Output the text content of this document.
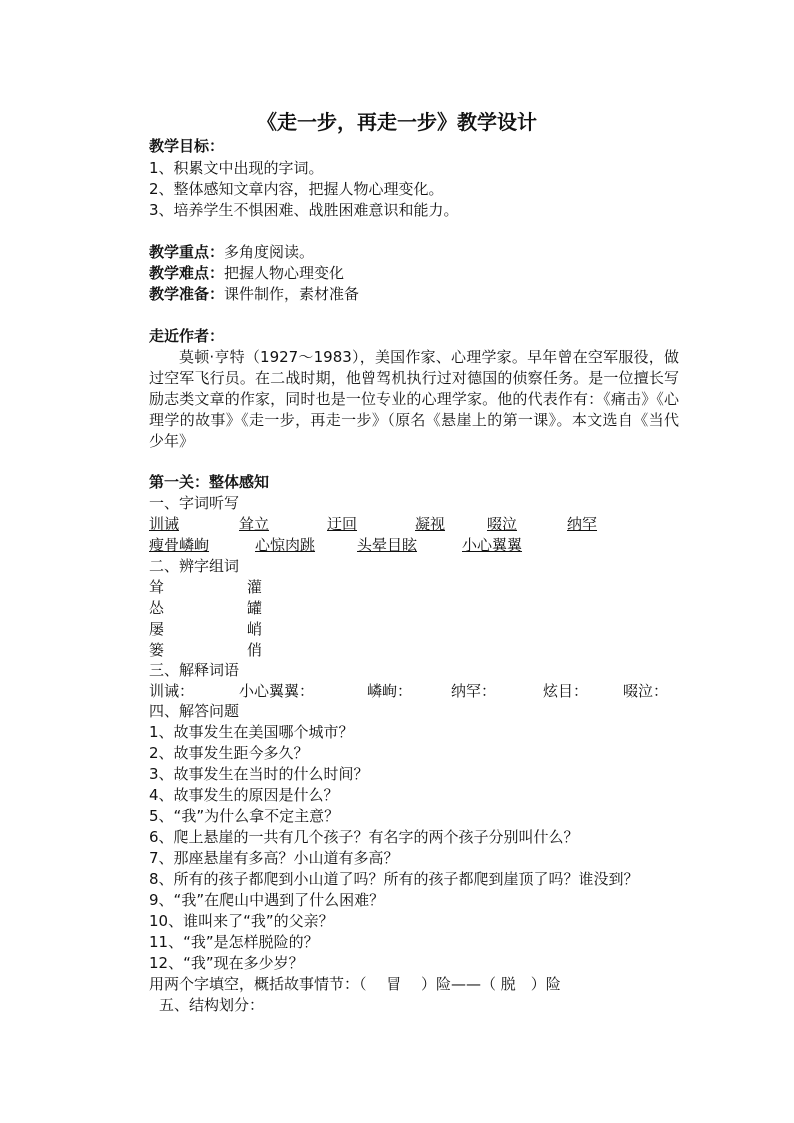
《走一步，再走一步》教学设计
教学目标：
1、积累文中出现的字词。
2、整体感知文章内容，把握人物心理变化。
3、培养学生不惧困难、战胜困难意识和能力。
教学重点：多角度阅读。
教学难点：把握人物心理变化
教学准备：课件制作，素材准备
走近作者：
莫顿·亨特（1927～1983），美国作家、心理学家。早年曾在空军服役，做过空军飞行员。在二战时期，他曾驾机执行过对德国的侦察任务。是一位擅长写励志类文章的作家，同时也是一位专业的心理学家。他的代表作有：《痛击》《心理学的故事》《走一步，再走一步》（原名《悬崖上的第一课》。本文选自《当代少年》
第一关：整体感知
一、字词听写
训诫	耸立	迂回	凝视	啜泣	纳罕
瘦骨嶙峋	心惊肉跳	头晕目眩	小心翼翼
二、辨字组词
耸	灌
怂	罐
屡	峭
篓	俏
三、解释词语
训诫：	小心翼翼：	嶙峋：	纳罕：	炫目： 啜泣：
四、解答问题
1、故事发生在美国哪个城市？
2、故事发生距今多久？
3、故事发生在当时的什么时间？
4、故事发生的原因是什么？
5、“我”为什么拿不定主意？
6、爬上悬崖的一共有几个孩子？有名字的两个孩子分别叫什么？
7、那座悬崖有多高？小山道有多高？
8、所有的孩子都爬到小山道了吗？所有的孩子都爬到崖顶了吗？谁没到？
9、“我”在爬山中遇到了什么困难？
10、谁叫来了“我”的父亲？
11、“我”是怎样脱险的？
12、“我”现在多少岁？
用两个字填空，概括故事情节：（　 冒　 ）险——（ 脱　）险
五、结构划分：
